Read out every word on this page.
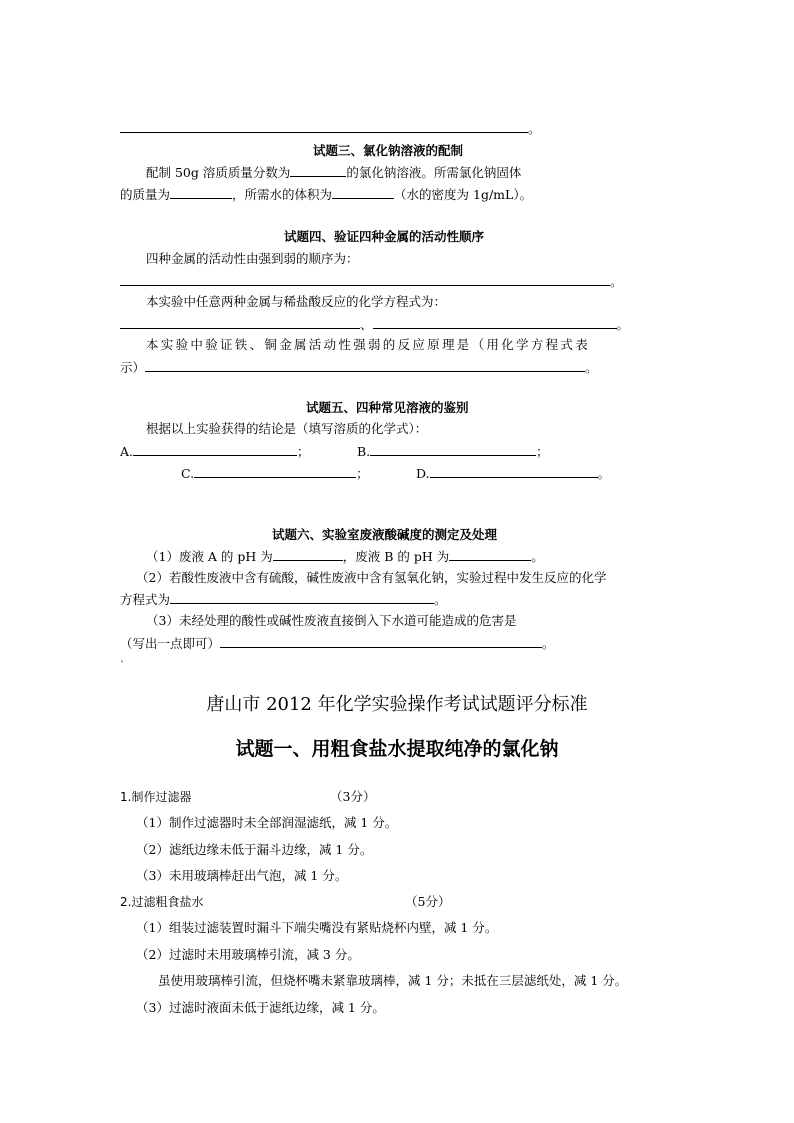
。
试题三、氯化钠溶液的配制
配制 50g 溶质质量分数为	的氯化钠溶液。所需氯化钠固体
的质量为	，所需水的体积为	（水的密度为 1g/mL）。
试题四、验证四种金属的活动性顺序
四种金属的活动性由强到弱的顺序为：
。
本实验中任意两种金属与稀盐酸反应的化学方程式为：
、	。
本实验中验证铁、铜金属活动性强弱的反应原理是（用化学方程式表
示）	。
试题五、四种常见溶液的鉴别
根据以上实验获得的结论是（填写溶质的化学式）：
A.	；	B.	；
C.	；	D.	。
试题六、实验室废液酸碱度的测定及处理
（1）废液 A 的 pH 为	，废液 B 的 pH 为	。
（2）若酸性废液中含有硫酸，碱性废液中含有氢氧化钠，实验过程中发生反应的化学
方程式为	。
（3）未经处理的酸性或碱性废液直接倒入下水道可能造成的危害是
（写出一点即可）	。
`
唐山市 2012 年化学实验操作考试试题评分标准
试题一、用粗食盐水提取纯净的氯化钠
1.制作过滤器	（3分）
（1）制作过滤器时未全部润湿滤纸，减 1 分。
（2）滤纸边缘未低于漏斗边缘，减 1 分。
（3）未用玻璃棒赶出气泡，减 1 分。
2.过滤粗食盐水	（5分）
（1）组装过滤装置时漏斗下端尖嘴没有紧贴烧杯内壁，减 1 分。
（2）过滤时未用玻璃棒引流，减 3 分。
虽使用玻璃棒引流，但烧杯嘴未紧靠玻璃棒，减 1 分；未抵在三层滤纸处，减 1 分。
（3）过滤时液面未低于滤纸边缘，减 1 分。
